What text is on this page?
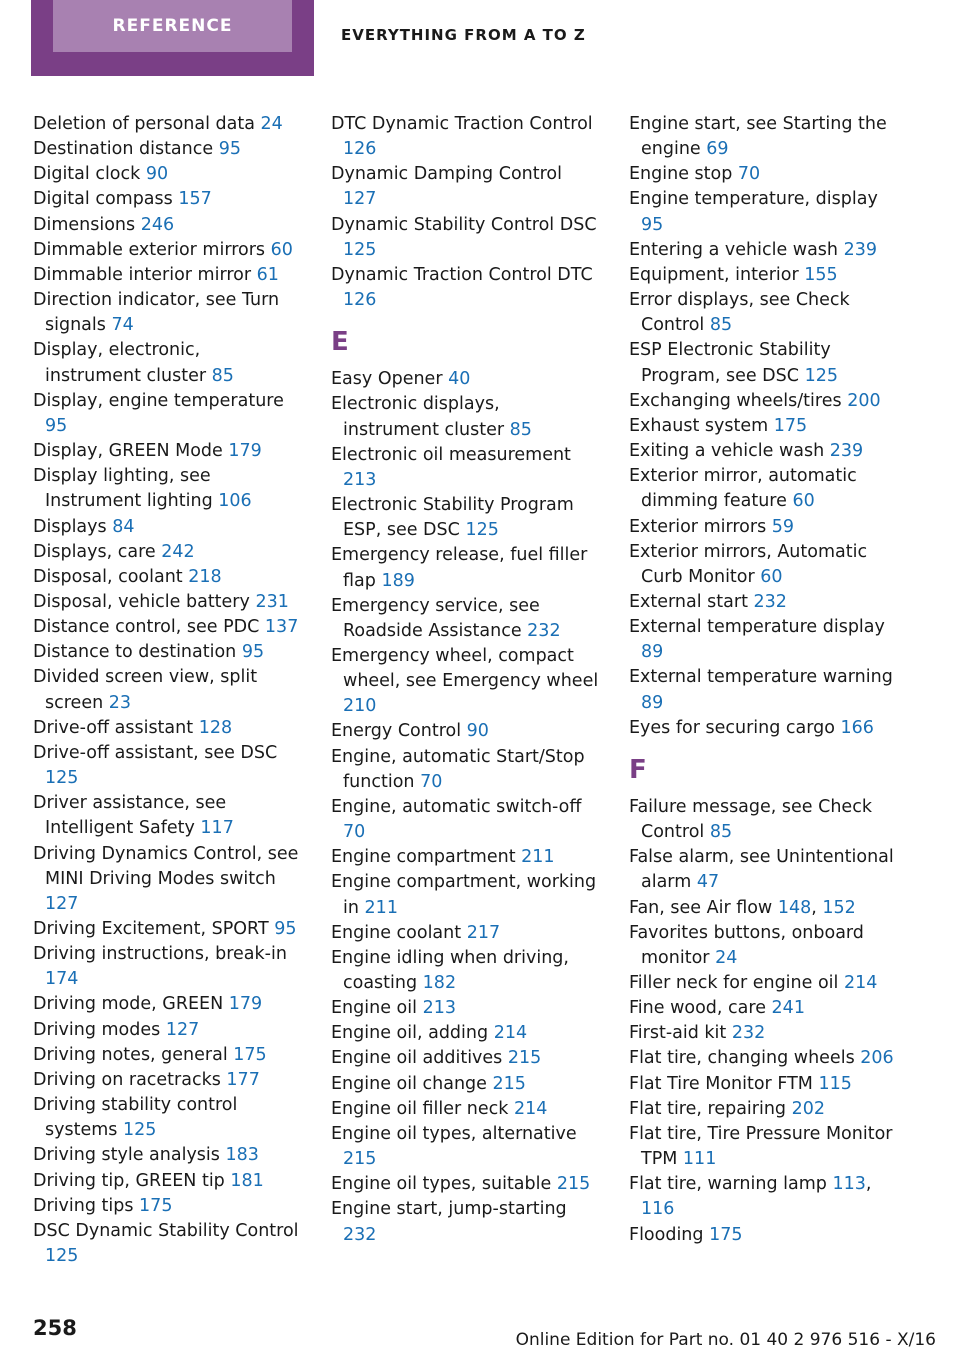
REFERENCE	EVERYTHING FROM A TO Z
Deletion of personal data 24
Destination distance 95
Digital clock 90
Digital compass 157
Dimensions 246
Dimmable exterior mirrors 60
Dimmable interior mirror 61
Direction indicator, see Turn signals 74
Display, electronic, instrument cluster 85
Display, engine temperature 95
Display, GREEN Mode 179
Display lighting, see Instrument lighting 106
Displays 84
Displays, care 242
Disposal, coolant 218
Disposal, vehicle battery 231
Distance control, see PDC 137
Distance to destination 95
Divided screen view, split screen 23
Drive-off assistant 128
Drive-off assistant, see DSC 125
Driver assistance, see Intelligent Safety 117
Driving Dynamics Control, see MINI Driving Modes switch 127
Driving Excitement, SPORT 95
Driving instructions, break-in 174
Driving mode, GREEN 179
Driving modes 127
Driving notes, general 175
Driving on racetracks 177
Driving stability control systems 125
Driving style analysis 183
Driving tip, GREEN tip 181
Driving tips 175
DSC Dynamic Stability Control 125
DTC Dynamic Traction Control 126
Dynamic Damping Control 127
Dynamic Stability Control DSC 125
Dynamic Traction Control DTC 126
E
Easy Opener 40
Electronic displays, instrument cluster 85
Electronic oil measurement 213
Electronic Stability Program ESP, see DSC 125
Emergency release, fuel filler flap 189
Emergency service, see Roadside Assistance 232
Emergency wheel, compact wheel, see Emergency wheel 210
Energy Control 90
Engine, automatic Start/Stop function 70
Engine, automatic switch-off 70
Engine compartment 211
Engine compartment, working in 211
Engine coolant 217
Engine idling when driving, coasting 182
Engine oil 213
Engine oil, adding 214
Engine oil additives 215
Engine oil change 215
Engine oil filler neck 214
Engine oil types, alternative 215
Engine oil types, suitable 215
Engine start, jump-starting 232
Engine start, see Starting the engine 69
Engine stop 70
Engine temperature, display 95
Entering a vehicle wash 239
Equipment, interior 155
Error displays, see Check Control 85
ESP Electronic Stability Program, see DSC 125
Exchanging wheels/tires 200
Exhaust system 175
Exiting a vehicle wash 239
Exterior mirror, automatic dimming feature 60
Exterior mirrors 59
Exterior mirrors, Automatic Curb Monitor 60
External start 232
External temperature display 89
External temperature warning 89
Eyes for securing cargo 166
F
Failure message, see Check Control 85
False alarm, see Unintentional alarm 47
Fan, see Air flow 148, 152
Favorites buttons, onboard monitor 24
Filler neck for engine oil 214
Fine wood, care 241
First-aid kit 232
Flat tire, changing wheels 206
Flat Tire Monitor FTM 115
Flat tire, repairing 202
Flat tire, Tire Pressure Monitor TPM 111
Flat tire, warning lamp 113, 116
Flooding 175
258	Online Edition for Part no. 01 40 2 976 516 - X/16
